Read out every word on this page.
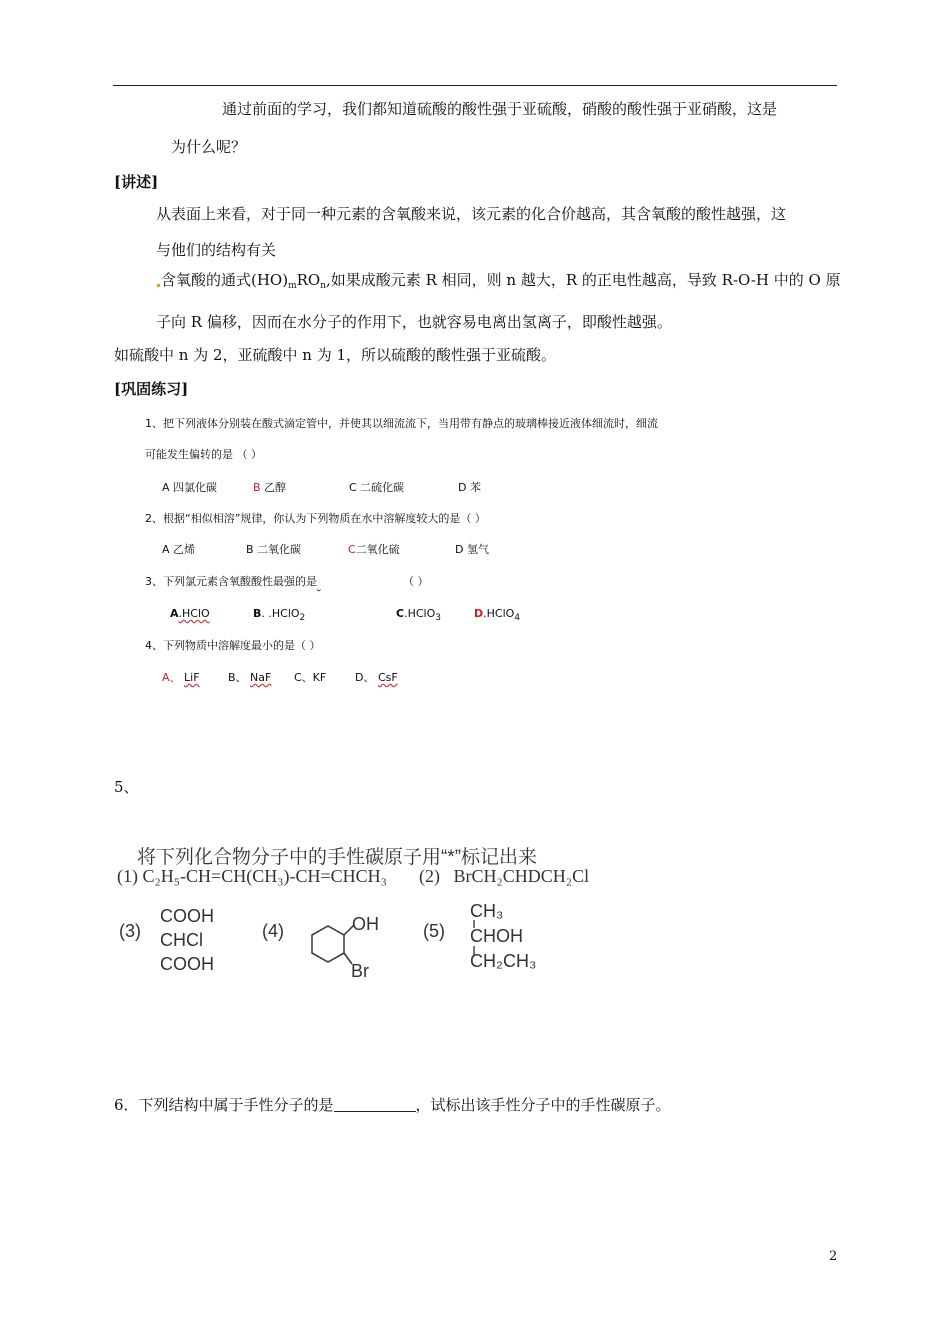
通过前面的学习，我们都知道硫酸的酸性强于亚硫酸，硝酸的酸性强于亚硝酸，这是
为什么呢？
[讲述]
从表面上来看，对于同一种元素的含氧酸来说，该元素的化合价越高，其含氧酸的酸性越强，这
与他们的结构有关
含氧酸的通式$(HO)_mRO_n$,如果成酸元素 R 相同，则 n 越大，R 的正电性越高，导致 R-O-H 中的 O 原
子向 R 偏移，因而在水分子的作用下，也就容易电离出氢离子，即酸性越强。
如硫酸中 n 为 2，亚硫酸中 n 为 1，所以硫酸的酸性强于亚硫酸。
[巩固练习]
1、把下列液体分别装在酸式滴定管中，并使其以细流流下，当用带有静点的玻璃棒接近液体细流时，细流
可能发生偏转的是 （ ）
A 四氯化碳	B 乙醇	C 二硫化碳	D 苯
2、根据“相似相溶”规律，你认为下列物质在水中溶解度较大的是（ ）
A 乙烯	B 二氧化碳	C二氧化硫	D 氢气
3、下列氯元素含氧酸酸性最强的是	（ ）
A.HClO	B. .HClO$_2$	C.HClO$_3$	D.HClO$_4$
4、下列物质中溶解度最小的是（ ）
A、 LiF	B、 NaF C、KF	D、 CsF
5、
将下列化合物分子中的手性碳原子用“*”标记出来
(1) C₂H₅-CH=CH(CH₃)-CH=CHCH₃ (2) BrCH₂CHDCH₂Cl
(3)
COOH
CHCl
COOH
(4)	OH
Br
(5)
CH₃
CHOH
CH₂CH₃
6．下列结构中属于手性分子的是	，试标出该手性分子中的手性碳原子。
2
